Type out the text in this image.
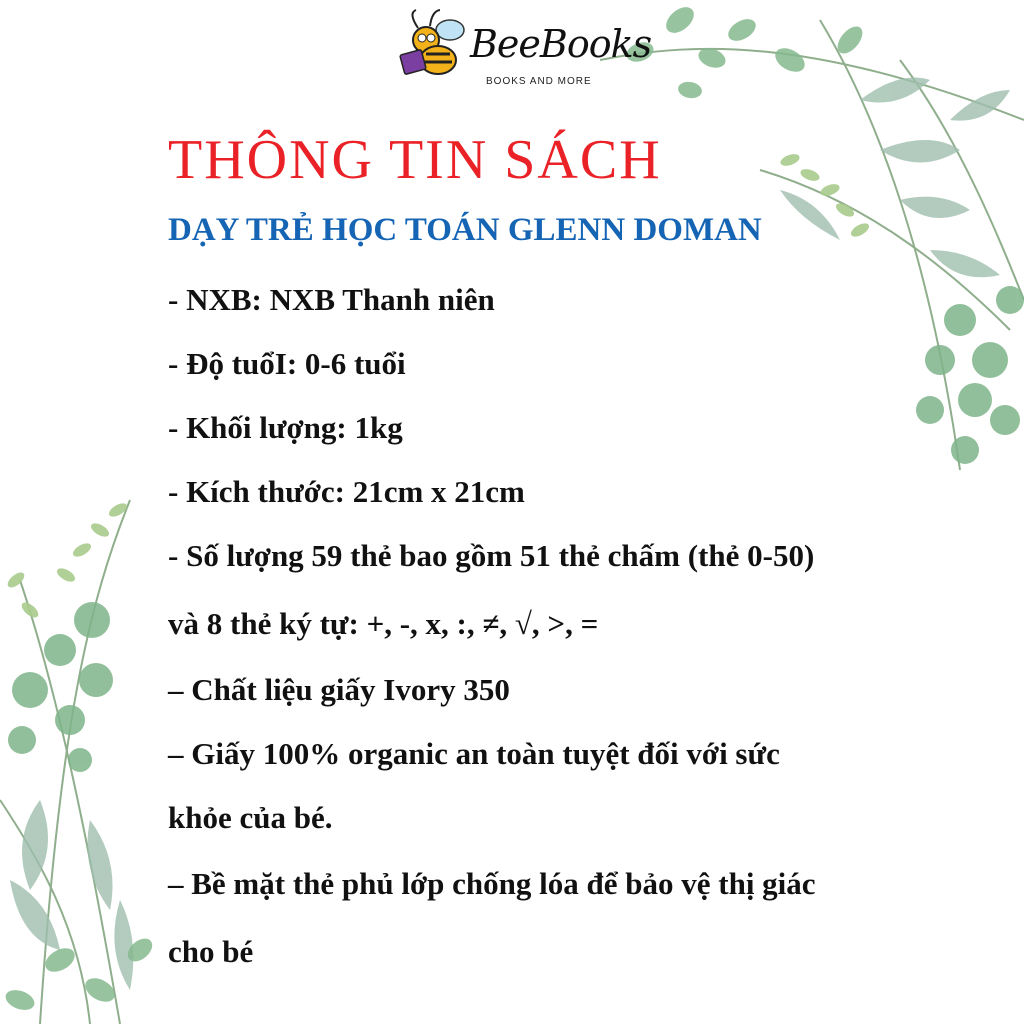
BeeBooks
BOOKS AND MORE
THÔNG TIN SÁCH
DẠY TRẺ HỌC TOÁN GLENN DOMAN
- NXB: NXB Thanh niên
- Độ tuổI: 0-6 tuổi
- Khối lượng: 1kg
- Kích thước: 21cm x 21cm
- Số lượng 59 thẻ bao gồm 51 thẻ chấm (thẻ 0-50)
và 8 thẻ ký tự: +, -, x, :, ≠, √, >, =
– Chất liệu giấy Ivory 350
– Giấy 100% organic an toàn tuyệt đối với sức
khỏe của bé.
– Bề mặt thẻ phủ lớp chống lóa để bảo vệ thị giác
cho bé
